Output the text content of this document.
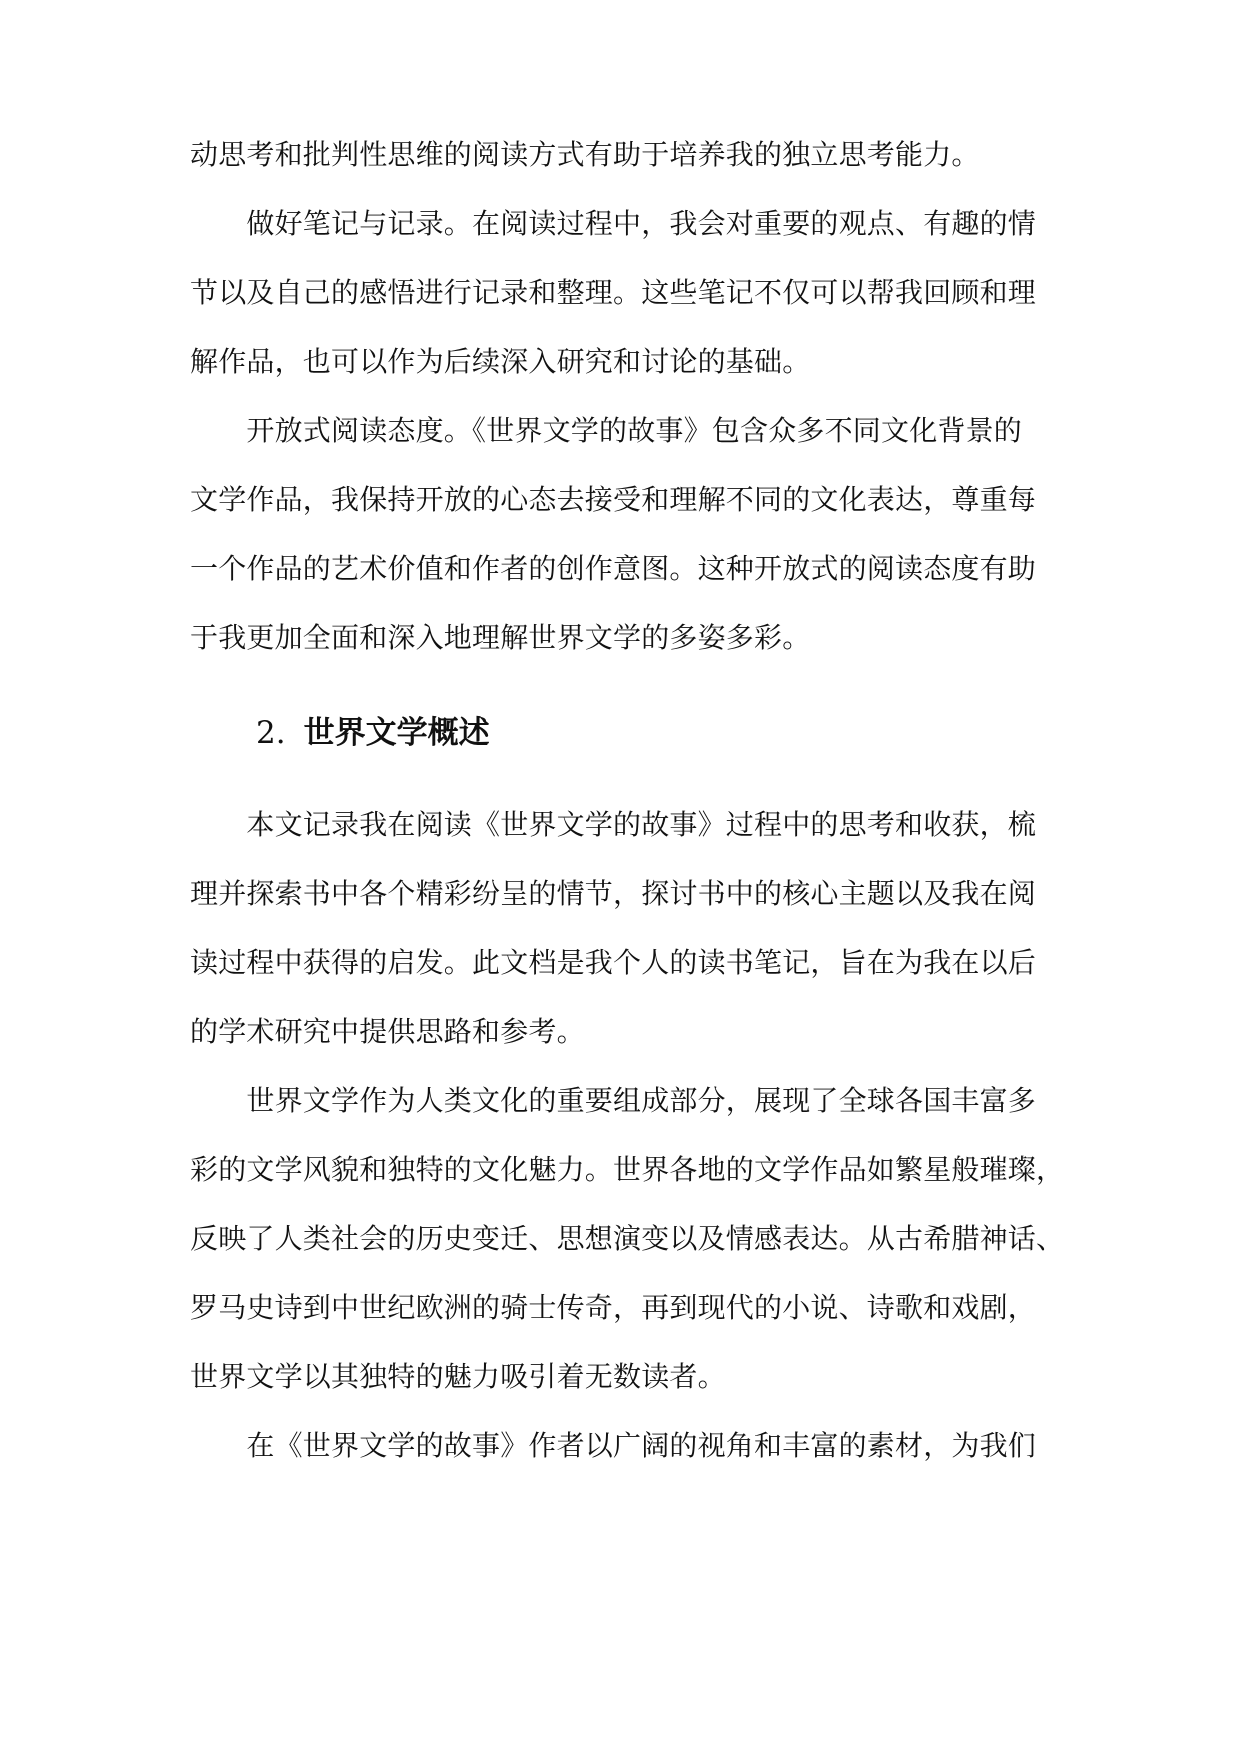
动思考和批判性思维的阅读方式有助于培养我的独立思考能力。
　　做好笔记与记录。在阅读过程中，我会对重要的观点、有趣的情
节以及自己的感悟进行记录和整理。这些笔记不仅可以帮我回顾和理
解作品，也可以作为后续深入研究和讨论的基础。
　　开放式阅读态度。《世界文学的故事》包含众多不同文化背景的
文学作品，我保持开放的心态去接受和理解不同的文化表达，尊重每
一个作品的艺术价值和作者的创作意图。这种开放式的阅读态度有助
于我更加全面和深入地理解世界文学的多姿多彩。
2. 世界文学概述
　　本文记录我在阅读《世界文学的故事》过程中的思考和收获，梳
理并探索书中各个精彩纷呈的情节，探讨书中的核心主题以及我在阅
读过程中获得的启发。此文档是我个人的读书笔记，旨在为我在以后
的学术研究中提供思路和参考。
　　世界文学作为人类文化的重要组成部分，展现了全球各国丰富多
彩的文学风貌和独特的文化魅力。世界各地的文学作品如繁星般璀璨，
反映了人类社会的历史变迁、思想演变以及情感表达。从古希腊神话、
罗马史诗到中世纪欧洲的骑士传奇，再到现代的小说、诗歌和戏剧，
世界文学以其独特的魅力吸引着无数读者。
　　在《世界文学的故事》作者以广阔的视角和丰富的素材，为我们
